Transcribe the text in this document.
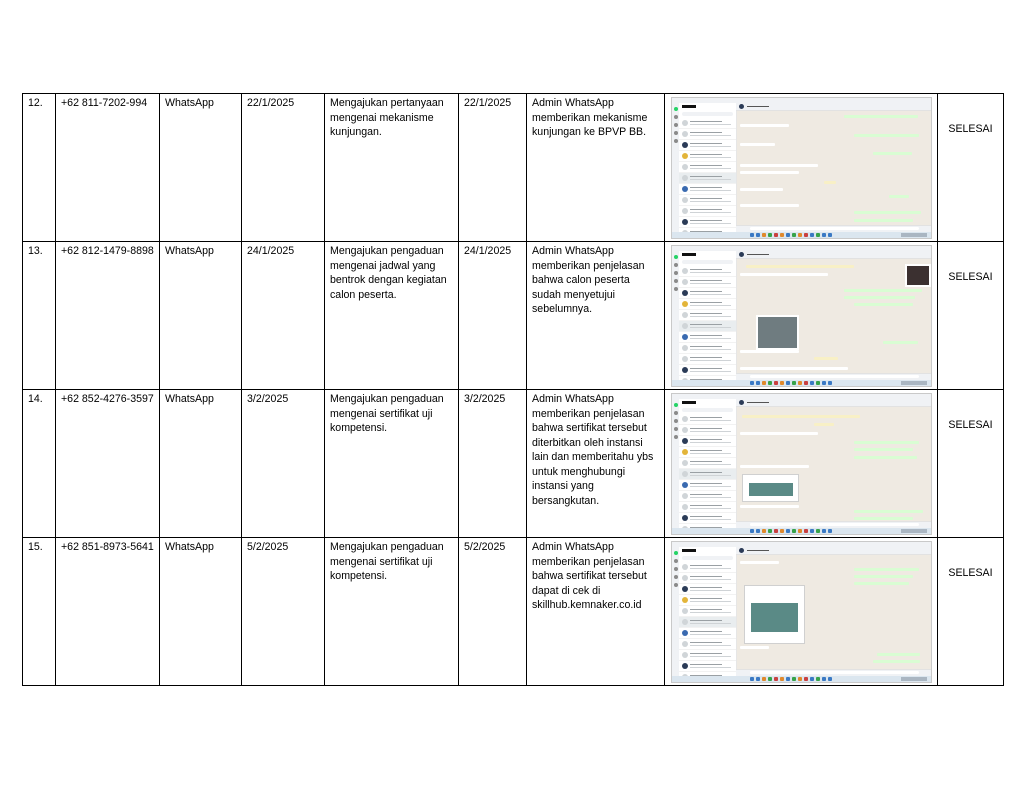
12.	+62 811-7202-994	WhatsApp	22/1/2025	Mengajukan pertanyaan mengenai mekanisme kunjungan.	22/1/2025	Admin WhatsApp memberikan mekanisme kunjungan ke BPVP BB.		SELESAI
13.	+62 812-1479-8898	WhatsApp	24/1/2025	Mengajukan pengaduan mengenai jadwal yang bentrok dengan kegiatan calon peserta.	24/1/2025	Admin WhatsApp memberikan penjelasan bahwa calon peserta sudah menyetujui sebelumnya.		SELESAI
14.	+62 852-4276-3597	WhatsApp	3/2/2025	Mengajukan pengaduan mengenai sertifikat uji kompetensi.	3/2/2025	Admin WhatsApp memberikan penjelasan bahwa sertifikat tersebut diterbitkan oleh instansi lain dan memberitahu ybs untuk menghubungi instansi yang bersangkutan.		SELESAI
15.	+62 851-8973-5641	WhatsApp	5/2/2025	Mengajukan pengaduan mengenai sertifikat uji kompetensi.	5/2/2025	Admin WhatsApp memberikan penjelasan bahwa sertifikat tersebut dapat di cek di skillhub.kemnaker.co.id		SELESAI
